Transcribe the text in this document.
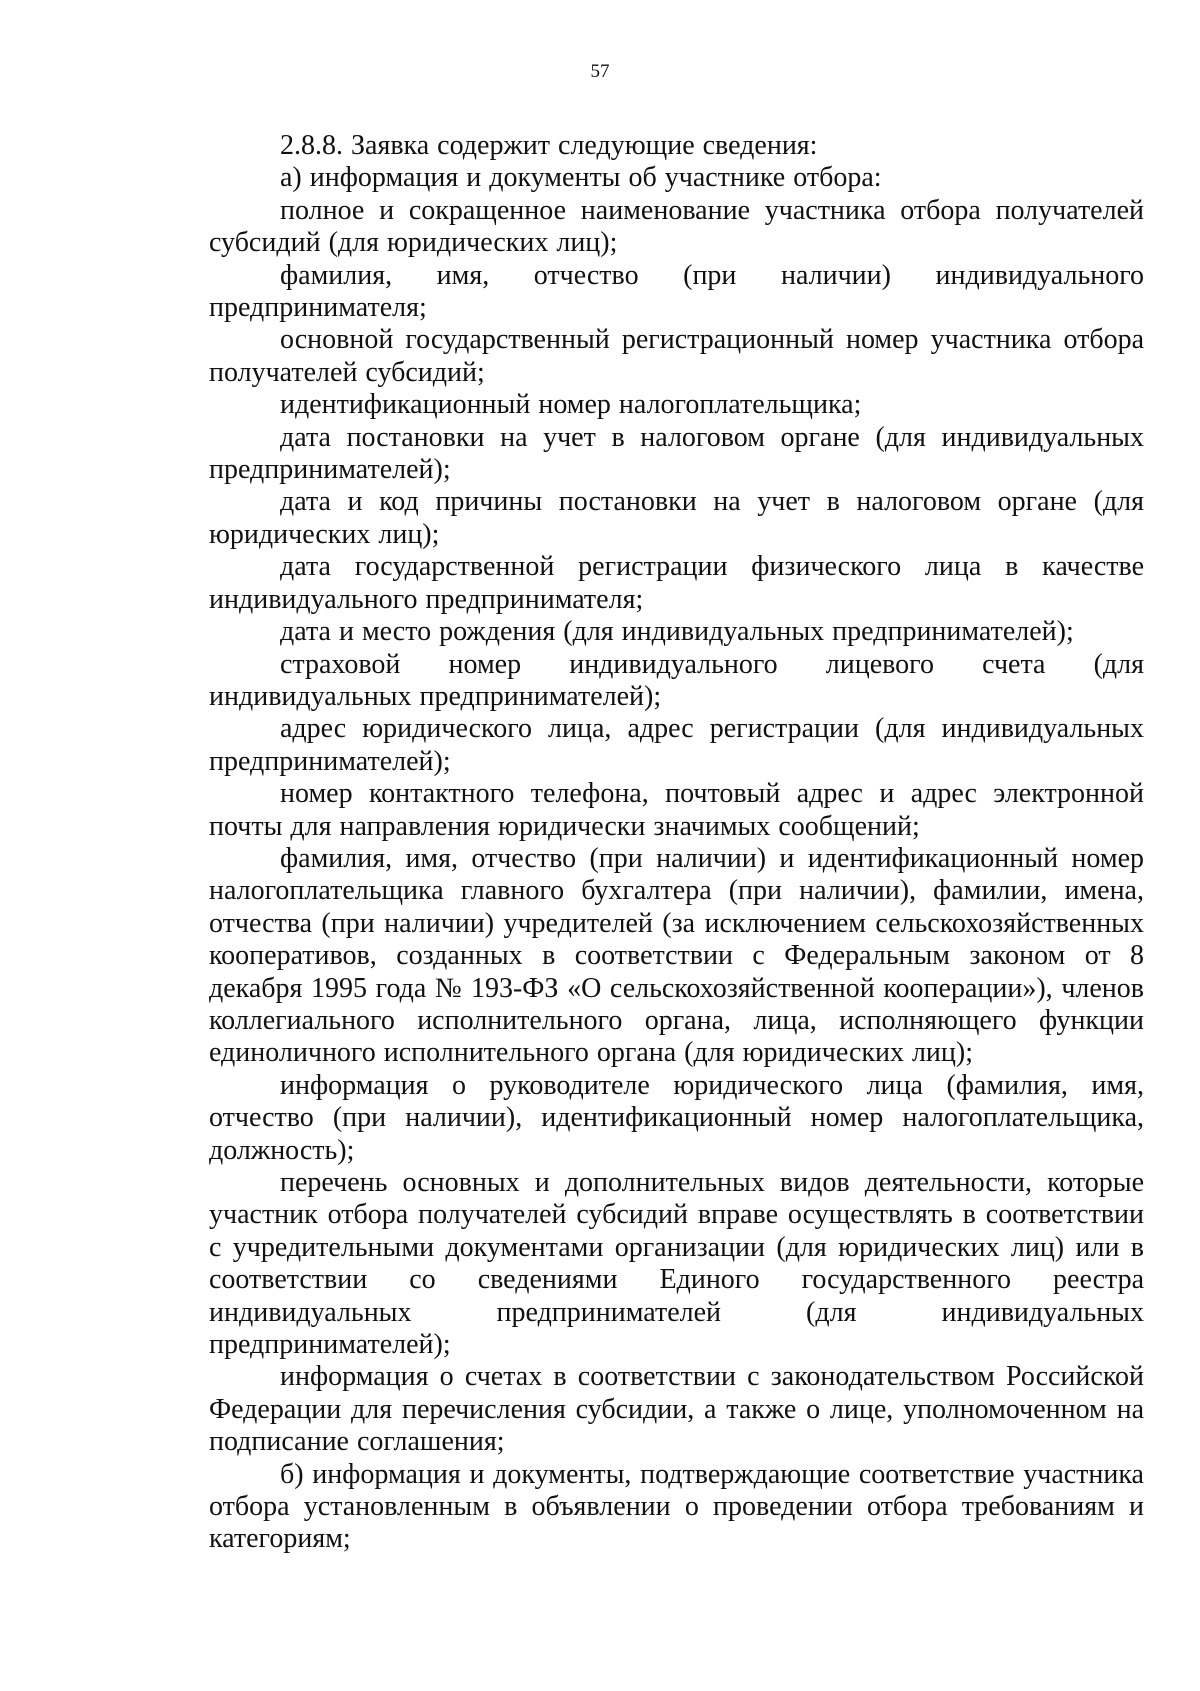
57

2.8.8. Заявка содержит следующие сведения:

а) информация и документы об участнике отбора:

полное и сокращенное наименование участника отбора получателей субсидий (для юридических лиц);

фамилия, имя, отчество (при наличии) индивидуального предпринимателя;

основной государственный регистрационный номер участника отбора получателей субсидий;

идентификационный номер налогоплательщика;

дата постановки на учет в налоговом органе (для индивидуальных предпринимателей);

дата и код причины постановки на учет в налоговом органе (для юридических лиц);

дата государственной регистрации физического лица в качестве индивидуального предпринимателя;

дата и место рождения (для индивидуальных предпринимателей);

страховой номер индивидуального лицевого счета (для индивидуальных предпринимателей);

адрес юридического лица, адрес регистрации (для индивидуальных предпринимателей);

номер контактного телефона, почтовый адрес и адрес электронной почты для направления юридически значимых сообщений;

фамилия, имя, отчество (при наличии) и идентификационный номер налогоплательщика главного бухгалтера (при наличии), фамилии, имена, отчества (при наличии) учредителей (за исключением сельскохозяйственных кооперативов, созданных в соответствии с Федеральным законом от 8 декабря 1995 года № 193-ФЗ «О сельскохозяйственной кооперации»), членов коллегиального исполнительного органа, лица, исполняющего функции единоличного исполнительного органа (для юридических лиц);

информация о руководителе юридического лица (фамилия, имя, отчество (при наличии), идентификационный номер налогоплательщика, должность);

перечень основных и дополнительных видов деятельности, которые участник отбора получателей субсидий вправе осуществлять в соответствии с учредительными документами организации (для юридических лиц) или в соответствии со сведениями Единого государственного реестра индивидуальных предпринимателей (для индивидуальных предпринимателей);

информация о счетах в соответствии с законодательством Российской Федерации для перечисления субсидии, а также о лице, уполномоченном на подписание соглашения;

б) информация и документы, подтверждающие соответствие участника отбора установленным в объявлении о проведении отбора требованиям и категориям;
